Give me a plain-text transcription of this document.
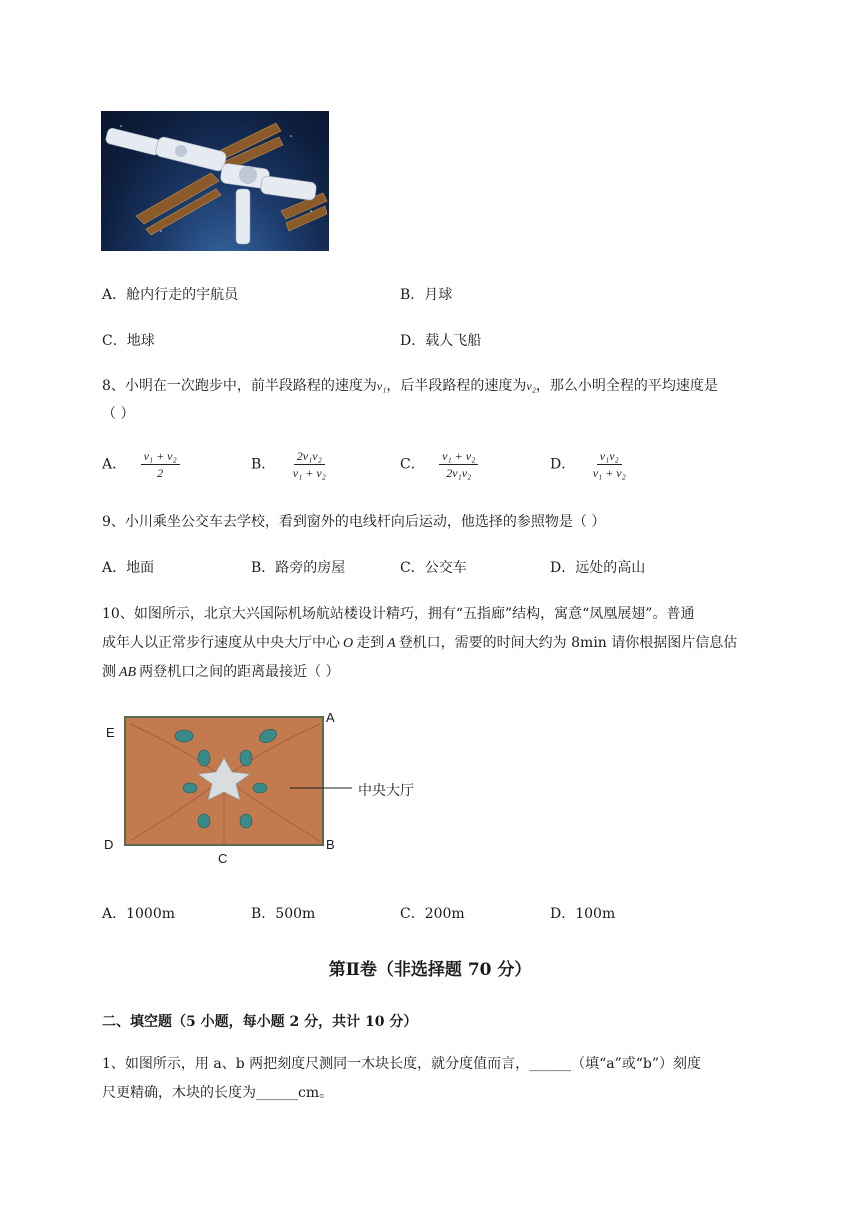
A．舱内行走的宇航员	B．月球
C．地球	D．载人飞船
8、小明在一次跑步中，前半段路程的速度为v₁，后半段路程的速度为v₂，那么小明全程的平均速度是
（ ）
A． $\frac{\text{v₁ + v₂}}{2}$	B． $\frac{\text{2v₁v₂}}{\text{v₁ + v₂}}$	C． $\frac{\text{v₁ + v₂}}{\text{2v₁v₂}}$	D． $\frac{\text{v₁v₂}}{\text{v₁ + v₂}}$
9、小川乘坐公交车去学校，看到窗外的电线杆向后运动，他选择的参照物是（ ）
A．地面	B．路旁的房屋	C．公交车	D．远处的高山
10、如图所示，北京大兴国际机场航站楼设计精巧，拥有“五指廊”结构，寓意“凤凰展翅”。普通
成年人以正常步行速度从中央大厅中心 O 走到 A 登机口，需要的时间大约为 8min 请你根据图片信息估
测 AB 两登机口之间的距离最接近（ ）
A
E
D
C
B
中央大厅
A．1000m	B．500m	C．200m	D．100m
第Ⅱ卷（非选择题 70 分）
二、填空题（5 小题，每小题 2 分，共计 10 分）
1、如图所示，用 a、b 两把刻度尺测同一木块长度，就分度值而言，______（填“a”或“b”）刻度
尺更精确，木块的长度为______cm。
